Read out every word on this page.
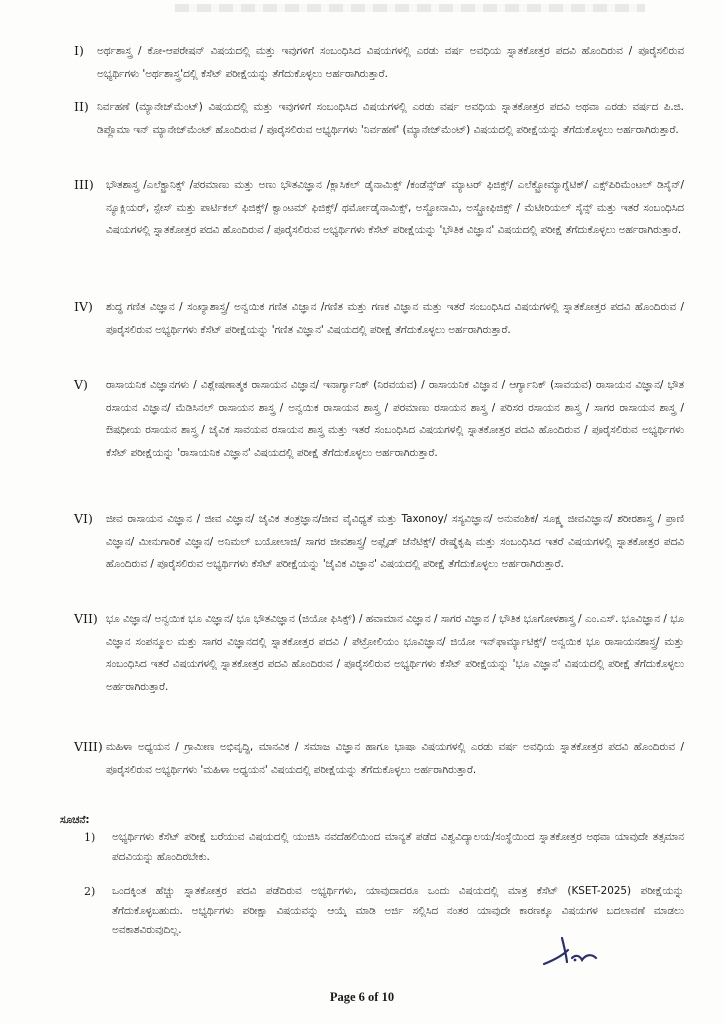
I) ಅರ್ಥಶಾಸ್ತ್ರ / ಕೋ-ಆಪರೇಷನ್ ವಿಷಯದಲ್ಲಿ ಮತ್ತು ಇವುಗಳಿಗೆ ಸಂಬಂಧಿಸಿದ ವಿಷಯಗಳಲ್ಲಿ ಎರಡು ವರ್ಷ ಅವಧಿಯ ಸ್ನಾತಕೋತ್ತರ ಪದವಿ ಹೊಂದಿರುವ / ಪೂರೈಸಲಿರುವ ಅಭ್ಯರ್ಥಿಗಳು 'ಅರ್ಥಶಾಸ್ತ್ರ'ದಲ್ಲಿ ಕೆಸೆಟ್ ಪರೀಕ್ಷೆಯನ್ನು ತೆಗೆದುಕೊಳ್ಳಲು ಅರ್ಹರಾಗಿರುತ್ತಾರೆ.
II) ನಿರ್ವಹಣೆ (ಮ್ಯಾನೇಜ್‌ಮೆಂಟ್) ವಿಷಯದಲ್ಲಿ ಮತ್ತು ಇವುಗಳಿಗೆ ಸಂಬಂಧಿಸಿದ ವಿಷಯಗಳಲ್ಲಿ ಎರಡು ವರ್ಷ ಅವಧಿಯ ಸ್ನಾತಕೋತ್ತರ ಪದವಿ ಅಥವಾ ಎರಡು ವರ್ಷದ ಪಿ.ಜಿ. ಡಿಪ್ಲೊಮಾ ಇನ್ ಮ್ಯಾನೇಜ್‌ಮೆಂಟ್ ಹೊಂದಿರುವ / ಪೂರೈಸಲಿರುವ ಅಭ್ಯರ್ಥಿಗಳು 'ನಿರ್ವಹಣೆ' (ಮ್ಯಾನೇಜ್‌ಮೆಂಟ್) ವಿಷಯದಲ್ಲಿ ಪರೀಕ್ಷೆಯನ್ನು ತೆಗೆದುಕೊಳ್ಳಲು ಅರ್ಹರಾಗಿರುತ್ತಾರೆ.
III) ಭೌತಶಾಸ್ತ್ರ /ಎಲೆಕ್ಟ್ರಾನಿಕ್ಸ್ /ಪರಮಾಣು ಮತ್ತು ಅಣು ಭೌತವಿಜ್ಞಾನ /ಕ್ಲಾಸಿಕಲ್ ಡೈನಾಮಿಕ್ಸ್ /ಕಂಡೆನ್ಸ್‌ಡ್ ಮ್ಯಾಟರ್ ಫಿಜಿಕ್ಸ್/ ಎಲೆಕ್ಟ್ರೋಮ್ಯಾಗ್ನೆಟಿಕ್/ ಎಕ್ಸ್‌ಪಿರಿಮೆಂಟಲ್ ಡಿಸೈನ್/ ನ್ಯೂಕ್ಲಿಯರ್, ಸ್ಪೇಸ್ ಮತ್ತು ಪಾರ್ಟಿಕಲ್ ಫಿಜಿಕ್ಸ್/ ಕ್ವಾಂಟಮ್ ಫಿಜಿಕ್ಸ್/ ಥರ್ಮೋಡೈನಾಮಿಕ್ಸ್, ಅಸ್ಟ್ರೋನಾಮಿ, ಅಸ್ಟ್ರೋಫಿಜಿಕ್ಸ್ / ಮೆಟೀರಿಯಲ್ ಸೈನ್ಸ್ ಮತ್ತು ಇತರೆ ಸಂಬಂಧಿಸಿದ ವಿಷಯಗಳಲ್ಲಿ ಸ್ನಾತಕೋತ್ತರ ಪದವಿ ಹೊಂದಿರುವ / ಪೂರೈಸಲಿರುವ ಅಭ್ಯರ್ಥಿಗಳು ಕೆಸೆಟ್ ಪರೀಕ್ಷೆಯನ್ನು 'ಭೌತಿಕ ವಿಜ್ಞಾನ' ವಿಷಯದಲ್ಲಿ ಪರೀಕ್ಷೆ ತೆಗೆದುಕೊಳ್ಳಲು ಅರ್ಹರಾಗಿರುತ್ತಾರೆ.
IV) ಶುದ್ಧ ಗಣಿತ ವಿಜ್ಞಾನ / ಸಂಖ್ಯಾಶಾಸ್ತ್ರ/ ಅನ್ವಯಿಕ ಗಣಿತ ವಿಜ್ಞಾನ /ಗಣಿತ ಮತ್ತು ಗಣಕ ವಿಜ್ಞಾನ ಮತ್ತು ಇತರೆ ಸಂಬಂಧಿಸಿದ ವಿಷಯಗಳಲ್ಲಿ ಸ್ನಾತಕೋತ್ತರ ಪದವಿ ಹೊಂದಿರುವ / ಪೂರೈಸಲಿರುವ ಅಭ್ಯರ್ಥಿಗಳು ಕೆಸೆಟ್ ಪರೀಕ್ಷೆಯನ್ನು 'ಗಣಿತ ವಿಜ್ಞಾನ' ವಿಷಯದಲ್ಲಿ ಪರೀಕ್ಷೆ ತೆಗೆದುಕೊಳ್ಳಲು ಅರ್ಹರಾಗಿರುತ್ತಾರೆ.
V) ರಾಸಾಯನಿಕ ವಿಜ್ಞಾನಗಳು / ವಿಶ್ಲೇಷಣಾತ್ಮಕ ರಾಸಾಯನ ವಿಜ್ಞಾನ/ ಇನಾರ್ಗ್ಯಾನಿಕ್ (ನಿರವಯವ) / ರಾಸಾಯನಿಕ ವಿಜ್ಞಾನ / ಆರ್ಗ್ಯಾನಿಕ್ (ಸಾವಯವ) ರಾಸಾಯನ ವಿಜ್ಞಾನ/ ಭೌತ ರಸಾಯನ ವಿಜ್ಞಾನ/ ಮೆಡಿಸಿನಲ್ ರಾಸಾಯನ ಶಾಸ್ತ್ರ / ಅನ್ವಯಿಕ ರಾಸಾಯನ ಶಾಸ್ತ್ರ / ಪರಮಾಣು ರಸಾಯನ ಶಾಸ್ತ್ರ / ಪರಿಸರ ರಸಾಯನ ಶಾಸ್ತ್ರ / ಸಾಗರ ರಾಸಾಯನ ಶಾಸ್ತ್ರ / ಔಷಧೀಯ ರಸಾಯನ ಶಾಸ್ತ್ರ / ಜೈವಿಕ ಸಾವಯವ ರಸಾಯನ ಶಾಸ್ತ್ರ ಮತ್ತು ಇತರೆ ಸಂಬಂಧಿಸಿದ ವಿಷಯಗಳಲ್ಲಿ ಸ್ನಾತಕೋತ್ತರ ಪದವಿ ಹೊಂದಿರುವ / ಪೂರೈಸಲಿರುವ ಅಭ್ಯರ್ಥಿಗಳು ಕೆಸೆಟ್ ಪರೀಕ್ಷೆಯನ್ನು 'ರಾಸಾಯನಿಕ ವಿಜ್ಞಾನ' ವಿಷಯದಲ್ಲಿ ಪರೀಕ್ಷೆ ತೆಗೆದುಕೊಳ್ಳಲು ಅರ್ಹರಾಗಿರುತ್ತಾರೆ.
VI) ಜೀವ ರಾಸಾಯನ ವಿಜ್ಞಾನ / ಜೀವ ವಿಜ್ಞಾನ/ ಜೈವಿಕ ತಂತ್ರಜ್ಞಾನ/ಜೀವ ವೈವಿಧ್ಯತೆ ಮತ್ತು Taxonoy/ ಸಸ್ಯವಿಜ್ಞಾನ/ ಅನುವಂಶಿಕ/ ಸೂಕ್ಷ್ಮ ಜೀವವಿಜ್ಞಾನ/ ಶರೀರಶಾಸ್ತ್ರ / ಪ್ರಾಣಿ ವಿಜ್ಞಾನ/ ಮೀನುಗಾರಿಕೆ ವಿಜ್ಞಾನ/ ಅನಿಮಲ್ ಬಯೋಲಾಜಿ/ ಸಾಗರ ಜೀವಶಾಸ್ತ್ರ/ ಅಪ್ಲೈಡ್ ಜೆನೆಟಿಕ್ಸ್/ ರೇಷ್ಮೆಕೃಷಿ ಮತ್ತು ಸಂಬಂಧಿಸಿದ ಇತರೆ ವಿಷಯಗಳಲ್ಲಿ ಸ್ನಾತಕೋತ್ತರ ಪದವಿ ಹೊಂದಿರುವ / ಪೂರೈಸಲಿರುವ ಅಭ್ಯರ್ಥಿಗಳು ಕೆಸೆಟ್ ಪರೀಕ್ಷೆಯನ್ನು 'ಜೈವಿಕ ವಿಜ್ಞಾನ' ವಿಷಯದಲ್ಲಿ ಪರೀಕ್ಷೆ ತೆಗೆದುಕೊಳ್ಳಲು ಅರ್ಹರಾಗಿರುತ್ತಾರೆ.
VII) ಭೂ ವಿಜ್ಞಾನ/ ಅನ್ವಯಿಕ ಭೂ ವಿಜ್ಞಾನ/ ಭೂ ಭೌತವಿಜ್ಞಾನ (ಜಿಯೋ ಫಿಸಿಕ್ಸ್) / ಹವಾಮಾನ ವಿಜ್ಞಾನ / ಸಾಗರ ವಿಜ್ಞಾನ / ಭೌತಿಕ ಭೂಗೋಳಶಾಸ್ತ್ರ / ಎಂ.ಎಸ್. ಭೂವಿಜ್ಞಾನ / ಭೂ ವಿಜ್ಞಾನ ಸಂಪನ್ಮೂಲ ಮತ್ತು ಸಾಗರ ವಿಜ್ಞಾನದಲ್ಲಿ ಸ್ನಾತಕೋತ್ತರ ಪದವಿ / ಪೆಟ್ರೋಲಿಯಂ ಭೂವಿಜ್ಞಾನ/ ಜಿಯೋ ಇನ್‌ಫಾರ್ಮ್ಯಾಟಿಕ್ಸ್/ ಅನ್ವಯಿಕ ಭೂ ರಾಸಾಯನಶಾಸ್ತ್ರ/ ಮತ್ತು ಸಂಬಂಧಿಸಿದ ಇತರೆ ವಿಷಯಗಳಲ್ಲಿ ಸ್ನಾತಕೋತ್ತರ ಪದವಿ ಹೊಂದಿರುವ / ಪೂರೈಸಲಿರುವ ಅಭ್ಯರ್ಥಿಗಳು ಕೆಸೆಟ್ ಪರೀಕ್ಷೆಯನ್ನು 'ಭೂ ವಿಜ್ಞಾನ' ವಿಷಯದಲ್ಲಿ ಪರೀಕ್ಷೆ ತೆಗೆದುಕೊಳ್ಳಲು ಅರ್ಹರಾಗಿರುತ್ತಾರೆ.
VIII) ಮಹಿಳಾ ಅಧ್ಯಯನ / ಗ್ರಾಮೀಣ ಅಭಿವೃದ್ಧಿ, ಮಾನವಿಕ / ಸಮಾಜ ವಿಜ್ಞಾನ ಹಾಗೂ ಭಾಷಾ ವಿಷಯಗಳಲ್ಲಿ ಎರಡು ವರ್ಷ ಅವಧಿಯ ಸ್ನಾತಕೋತ್ತರ ಪದವಿ ಹೊಂದಿರುವ / ಪೂರೈಸಲಿರುವ ಅಭ್ಯರ್ಥಿಗಳು 'ಮಹಿಳಾ ಅಧ್ಯಯನ' ವಿಷಯದಲ್ಲಿ ಪರೀಕ್ಷೆಯನ್ನು ತೆಗೆದುಕೊಳ್ಳಲು ಅರ್ಹರಾಗಿರುತ್ತಾರೆ.
ಸೂಚನೆ:
1) ಅಭ್ಯರ್ಥಿಗಳು ಕೆಸೆಟ್ ಪರೀಕ್ಷೆ ಬರೆಯುವ ವಿಷಯದಲ್ಲಿ ಯುಜಿಸಿ ನವದೆಹಲಿಯಿಂದ ಮಾನ್ಯತೆ ಪಡೆದ ವಿಶ್ವವಿದ್ಯಾಲಯ/ಸಂಸ್ಥೆಯಿಂದ ಸ್ನಾತಕೋತ್ತರ ಅಥವಾ ಯಾವುದೇ ತತ್ಸಮಾನ ಪದವಿಯನ್ನು ಹೊಂದಿರಬೇಕು.
2) ಒಂದಕ್ಕಿಂತ ಹೆಚ್ಚು ಸ್ನಾತಕೋತ್ತರ ಪದವಿ ಪಡೆದಿರುವ ಅಭ್ಯರ್ಥಿಗಳು, ಯಾವುದಾದರೂ ಒಂದು ವಿಷಯದಲ್ಲಿ ಮಾತ್ರ ಕೆಸೆಟ್ (KSET-2025) ಪರೀಕ್ಷೆಯನ್ನು ತೆಗೆದುಕೊಳ್ಳಬಹುದು. ಅಭ್ಯರ್ಥಿಗಳು ಪರೀಕ್ಷಾ ವಿಷಯವನ್ನು ಆಯ್ಕೆ ಮಾಡಿ ಅರ್ಜಿ ಸಲ್ಲಿಸಿದ ನಂತರ ಯಾವುದೇ ಕಾರಣಕ್ಕೂ ವಿಷಯಗಳ ಬದಲಾವಣೆ ಮಾಡಲು ಅವಕಾಶವಿರುವುದಿಲ್ಲ.
Page 6 of 10
